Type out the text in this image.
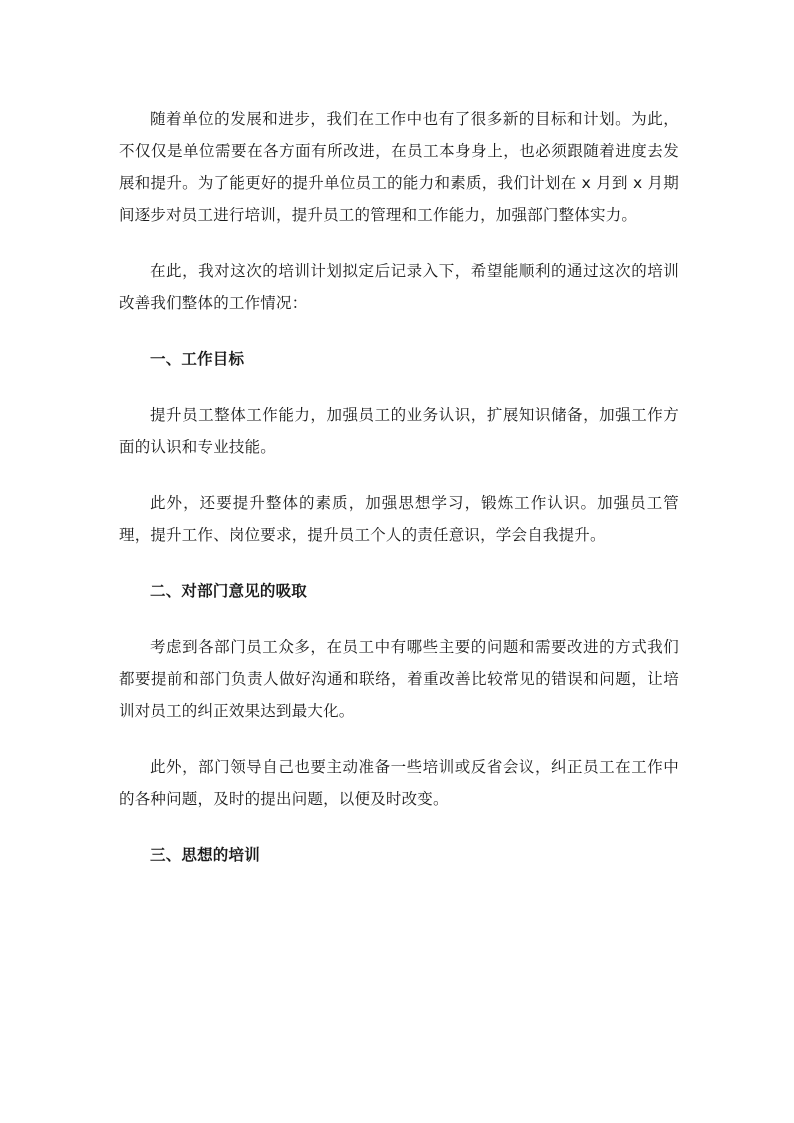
随着单位的发展和进步，我们在工作中也有了很多新的目标和计划。为此，不仅仅是单位需要在各方面有所改进，在员工本身身上，也必须跟随着进度去发展和提升。为了能更好的提升单位员工的能力和素质，我们计划在 x 月到 x 月期间逐步对员工进行培训，提升员工的管理和工作能力，加强部门整体实力。

在此，我对这次的培训计划拟定后记录入下，希望能顺利的通过这次的培训改善我们整体的工作情况：

一、工作目标

提升员工整体工作能力，加强员工的业务认识，扩展知识储备，加强工作方面的认识和专业技能。

此外，还要提升整体的素质，加强思想学习，锻炼工作认识。加强员工管理，提升工作、岗位要求，提升员工个人的责任意识，学会自我提升。

二、对部门意见的吸取

考虑到各部门员工众多，在员工中有哪些主要的问题和需要改进的方式我们都要提前和部门负责人做好沟通和联络，着重改善比较常见的错误和问题，让培训对员工的纠正效果达到最大化。

此外，部门领导自己也要主动准备一些培训或反省会议，纠正员工在工作中的各种问题，及时的提出问题，以便及时改变。

三、思想的培训
